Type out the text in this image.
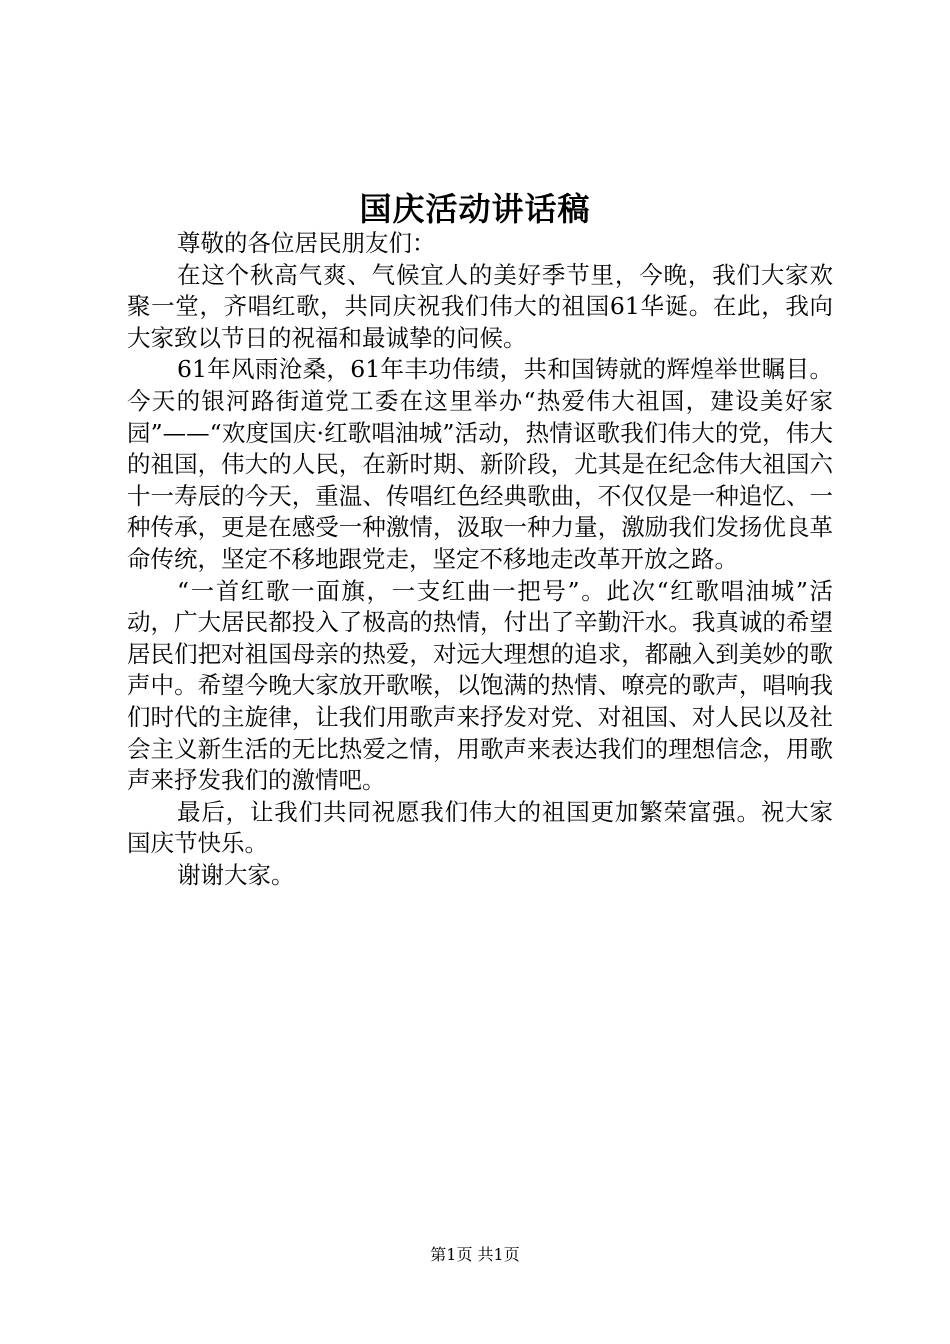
国庆活动讲话稿

尊敬的各位居民朋友们：

在这个秋高气爽、气候宜人的美好季节里，今晚，我们大家欢聚一堂，齐唱红歌，共同庆祝我们伟大的祖国61华诞。在此，我向大家致以节日的祝福和最诚挚的问候。

61年风雨沧桑，61年丰功伟绩，共和国铸就的辉煌举世瞩目。今天的银河路街道党工委在这里举办“热爱伟大祖国，建设美好家园”——“欢度国庆·红歌唱油城”活动，热情讴歌我们伟大的党，伟大的祖国，伟大的人民，在新时期、新阶段，尤其是在纪念伟大祖国六十一寿辰的今天，重温、传唱红色经典歌曲，不仅仅是一种追忆、一种传承，更是在感受一种激情，汲取一种力量，激励我们发扬优良革命传统，坚定不移地跟党走，坚定不移地走改革开放之路。

“一首红歌一面旗，一支红曲一把号”。此次“红歌唱油城”活动，广大居民都投入了极高的热情，付出了辛勤汗水。我真诚的希望居民们把对祖国母亲的热爱，对远大理想的追求，都融入到美妙的歌声中。希望今晚大家放开歌喉，以饱满的热情、嘹亮的歌声，唱响我们时代的主旋律，让我们用歌声来抒发对党、对祖国、对人民以及社会主义新生活的无比热爱之情，用歌声来表达我们的理想信念，用歌声来抒发我们的激情吧。

最后，让我们共同祝愿我们伟大的祖国更加繁荣富强。祝大家国庆节快乐。

谢谢大家。

第1页 共1页
